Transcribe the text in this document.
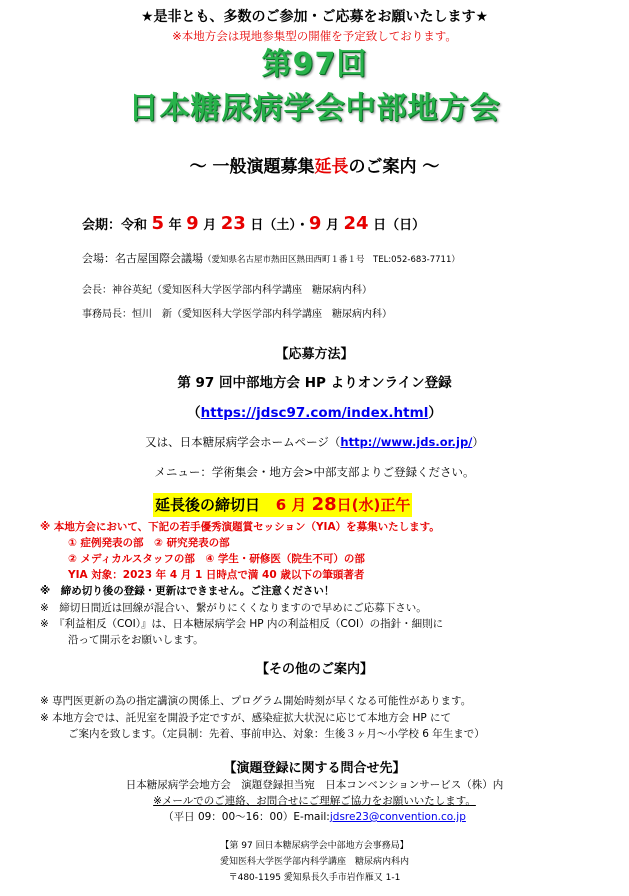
★是非とも、多数のご参加・ご応募をお願いたします★
※本地方会は現地参集型の開催を予定致しております。
第97回
日本糖尿病学会中部地方会
～ 一般演題募集延長のご案内 ～
会期：令和 5 年 9 月 23 日（土）・9 月 24 日（日）
会場：名古屋国際会議場（愛知県名古屋市熱田区熱田西町１番１号　TEL:052-683-7711）
会長：神谷英紀（愛知医科大学医学部内科学講座　糖尿病内科）
事務局長：恒川　新（愛知医科大学医学部内科学講座　糖尿病内科）
【応募方法】
第 97 回中部地方会 HP よりオンライン登録
（https://jdsc97.com/index.html）
又は、日本糖尿病学会ホームページ（http://www.jds.or.jp/）
メニュー：学術集会・地方会>中部支部よりご登録ください。
延長後の締切日 6 月 28日(水)正午
※ 本地方会において、下記の若手優秀演題賞セッション（YIA）を募集いたします。
① 症例発表の部　② 研究発表の部
② メディカルスタッフの部　④ 学生・研修医（院生不可）の部
YIA 対象：2023 年 4 月 1 日時点で満 40 歳以下の筆頭著者
※　締め切り後の登録・更新はできません。ご注意ください！
※　締切日間近は回線が混合い、繋がりにくくなりますので早めにご応募下さい。
※　『利益相反（COI）』は、日本糖尿病学会 HP 内の利益相反（COI）の指針・細則に
沿って開示をお願いします。
【その他のご案内】
※ 専門医更新の為の指定講演の関係上、プログラム開始時刻が早くなる可能性があります。
※ 本地方会では、託児室を開設予定ですが、感染症拡大状況に応じて本地方会 HP にて
ご案内を致します。（定員制：先着、事前申込、対象：生後３ヶ月～小学校 6 年生まで）
【演題登録に関する問合せ先】
日本糖尿病学会地方会　演題登録担当宛　日本コンベンションサービス（株）内
※メールでのご連絡、お問合せにご理解ご協力をお願いいたします。
（平日 09：00～16：00）E-mail:jdsre23@convention.co.jp
【第 97 回日本糖尿病学会中部地方会事務局】
愛知医科大学医学部内科学講座　糖尿病内科内
〒480-1195 愛知県長久手市岩作雁又 1-1
